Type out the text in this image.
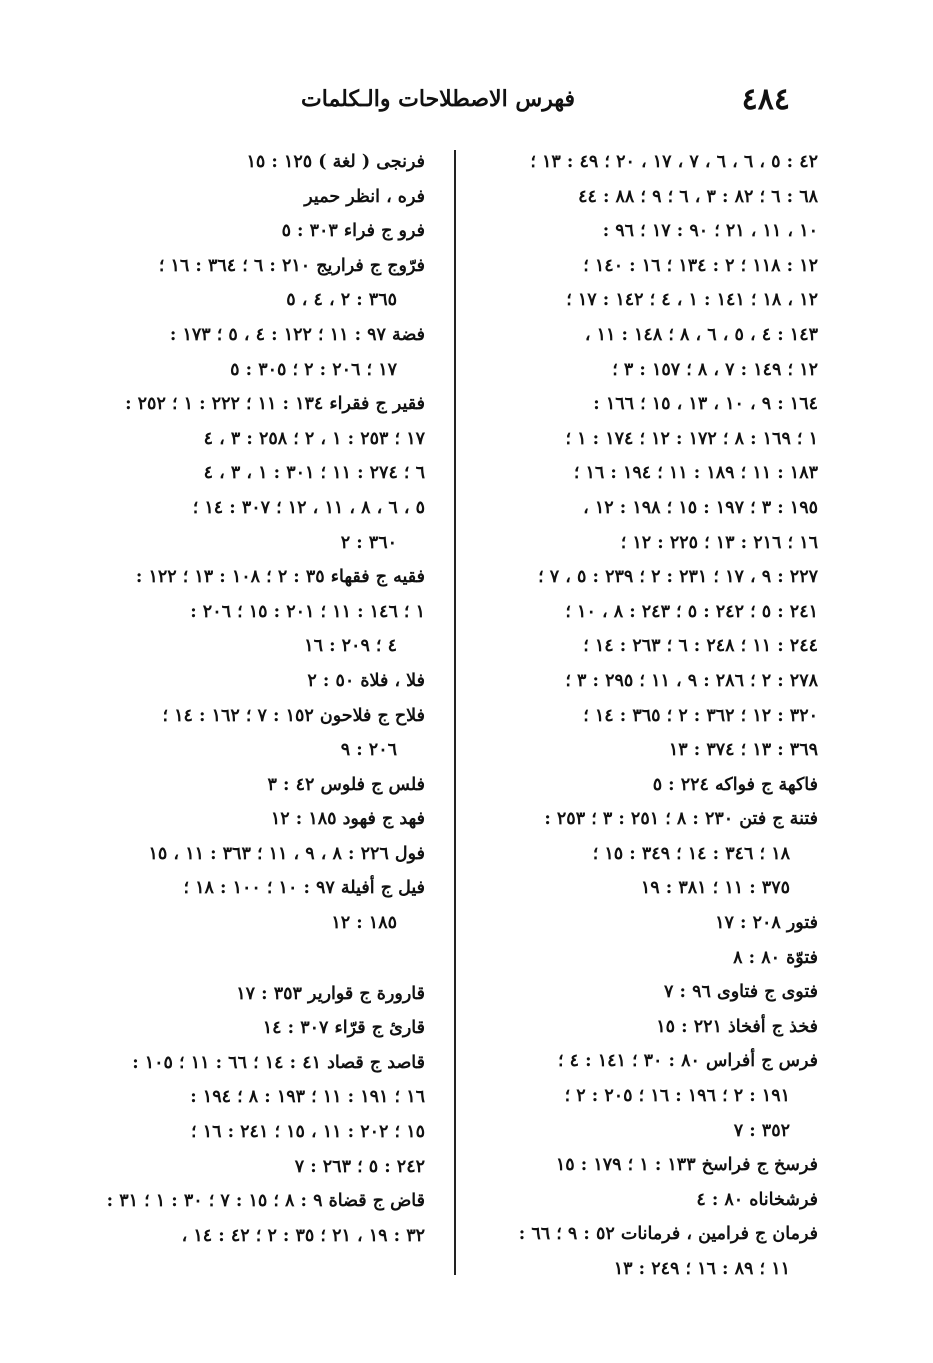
٤٨٤
فهرس الاصطلاحات والـكلمات
٤٢ : ٥ ، ٦ ، ٦ ، ٧ ، ١٧ ، ٢٠ ؛ ٤٩ : ١٣ ؛
٦٨ : ٦ ؛ ٨٢ : ٣ ، ٦ ؛ ٩ ؛ ٨٨ : ٤٤
١٠ ، ١١ ، ٢١ ؛ ٩٠ : ١٧ ؛ ٩٦ :
١٢ : ١١٨ ؛ ٢ : ١٣٤ ؛ ١٦ : ١٤٠ ؛
١٢ ، ١٨ ؛ ١٤١ : ١ ، ٤ ؛ ١٤٢ : ١٧ ؛
١٤٣ : ٤ ، ٥ ، ٦ ، ٨ ؛ ١٤٨ : ١١ ،
١٢ ؛ ١٤٩ : ٧ ، ٨ ؛ ١٥٧ : ٣ ؛
١٦٤ : ٩ ، ١٠ ، ١٣ ، ١٥ ؛ ١٦٦ :
١ ؛ ١٦٩ : ٨ ؛ ١٧٢ : ١٢ ؛ ١٧٤ : ١ ؛
١٨٣ : ١١ ؛ ١٨٩ : ١١ ؛ ١٩٤ : ١٦ ؛
١٩٥ : ٣ ؛ ١٩٧ : ١٥ ؛ ١٩٨ : ١٢ ،
١٦ ؛ ٢١٦ : ١٣ ؛ ٢٢٥ : ١٢ ؛
٢٢٧ : ٩ ، ١٧ ؛ ٢٣١ : ٢ ؛ ٢٣٩ : ٥ ، ٧ ؛
٢٤١ : ٥ ؛ ٢٤٢ : ٥ ؛ ٢٤٣ : ٨ ، ١٠ ؛
٢٤٤ : ١١ ؛ ٢٤٨ : ٦ ؛ ٢٦٣ : ١٤ ؛
٢٧٨ : ٢ ؛ ٢٨٦ : ٩ ، ١١ ؛ ٢٩٥ : ٣ ؛
٣٢٠ : ١٢ ؛ ٣٦٢ : ٢ ؛ ٣٦٥ : ١٤ ؛
٣٦٩ : ١٣ ؛ ٣٧٤ : ١٣
فاكهة ج فواكه ٢٢٤ : ٥
فتنة ج فتن ٢٣٠ : ٨ ؛ ٢٥١ : ٣ ؛ ٢٥٣ :
١٨ ؛ ٣٤٦ : ١٤ ؛ ٣٤٩ : ١٥ ؛
٣٧٥ : ١١ ؛ ٣٨١ : ١٩
فتور ٢٠٨ : ١٧
فتوّة ٨٠ : ٨
فتوى ج فتاوى ٩٦ : ٧
فخذ ج أفخاذ ٢٢١ : ١٥
فرس ج أفراس ٨٠ : ٣٠ ؛ ١٤١ : ٤ ؛
١٩١ : ٢ ؛ ١٩٦ : ١٦ ؛ ٢٠٥ : ٢ ؛
٣٥٢ : ٧
فرسخ ج فراسخ ١٣٣ : ١ ؛ ١٧٩ : ١٥
فرشخاناه ٨٠ : ٤
فرمان ج فرامين ، فرمانات ٥٢ : ٩ ؛ ٦٦ :
١١ ؛ ٨٩ : ١٦ ؛ ٢٤٩ : ١٣
فرنجى ( لغة ) ١٢٥ : ١٥
فره ، انظر حمير
فرو ج فراء ٣٠٣ : ٥
فرّوج ج فراريج ٢١٠ : ٦ ؛ ٣٦٤ : ١٦ ؛
٣٦٥ : ٢ ، ٤ ، ٥
فضة ٩٧ : ١١ ؛ ١٢٢ : ٤ ، ٥ ؛ ١٧٣ :
١٧ ؛ ٢٠٦ : ٢ ؛ ٣٠٥ : ٥
فقير ج فقراء ١٣٤ : ١١ ؛ ٢٢٢ : ١ ؛ ٢٥٢ :
١٧ ؛ ٢٥٣ : ١ ، ٢ ؛ ٢٥٨ : ٣ ، ٤
٦ ؛ ٢٧٤ : ١١ ؛ ٣٠١ : ١ ، ٣ ، ٤
٥ ، ٦ ، ٨ ، ١١ ، ١٢ ؛ ٣٠٧ : ١٤ ؛
٣٦٠ : ٢
فقيه ج فقهاء ٣٥ : ٢ ؛ ١٠٨ : ١٣ ؛ ١٢٢ :
١ ؛ ١٤٦ : ١١ ؛ ٢٠١ : ١٥ ؛ ٢٠٦ :
٤ ؛ ٢٠٩ : ١٦
فلا ، فلاة ٥٠ : ٢
فلاح ج فلاحون ١٥٢ : ٧ ؛ ١٦٢ : ١٤ ؛
٢٠٦ : ٩
فلس ج فلوس ٤٢ : ٣
فهد ج فهود ١٨٥ : ١٢
فول ٢٢٦ : ٨ ، ٩ ، ١١ ؛ ٣٦٣ : ١١ ، ١٥
فيل ج أفيلة ٩٧ : ١٠ ؛ ١٠٠ : ١٨ ؛
١٨٥ : ١٢
قارورة ج قوارير ٣٥٣ : ١٧
قارئ ج قرّاء ٣٠٧ : ١٤
قاصد ج قصاد ٤١ : ١٤ ؛ ٦٦ : ١١ ؛ ١٠٥ :
١٦ ؛ ١٩١ : ١١ ؛ ١٩٣ : ٨ ؛ ١٩٤ :
١٥ ؛ ٢٠٢ : ١١ ، ١٥ ؛ ٢٤١ : ١٦ ؛
٢٤٢ : ٥ ؛ ٢٦٣ : ٧
قاض ج قضاة ٩ : ٨ ؛ ١٥ : ٧ ؛ ٣٠ : ١ ؛ ٣١ :
٣٢ : ١٩ ، ٢١ ؛ ٣٥ : ٢ ؛ ٤٢ : ١٤ ،
